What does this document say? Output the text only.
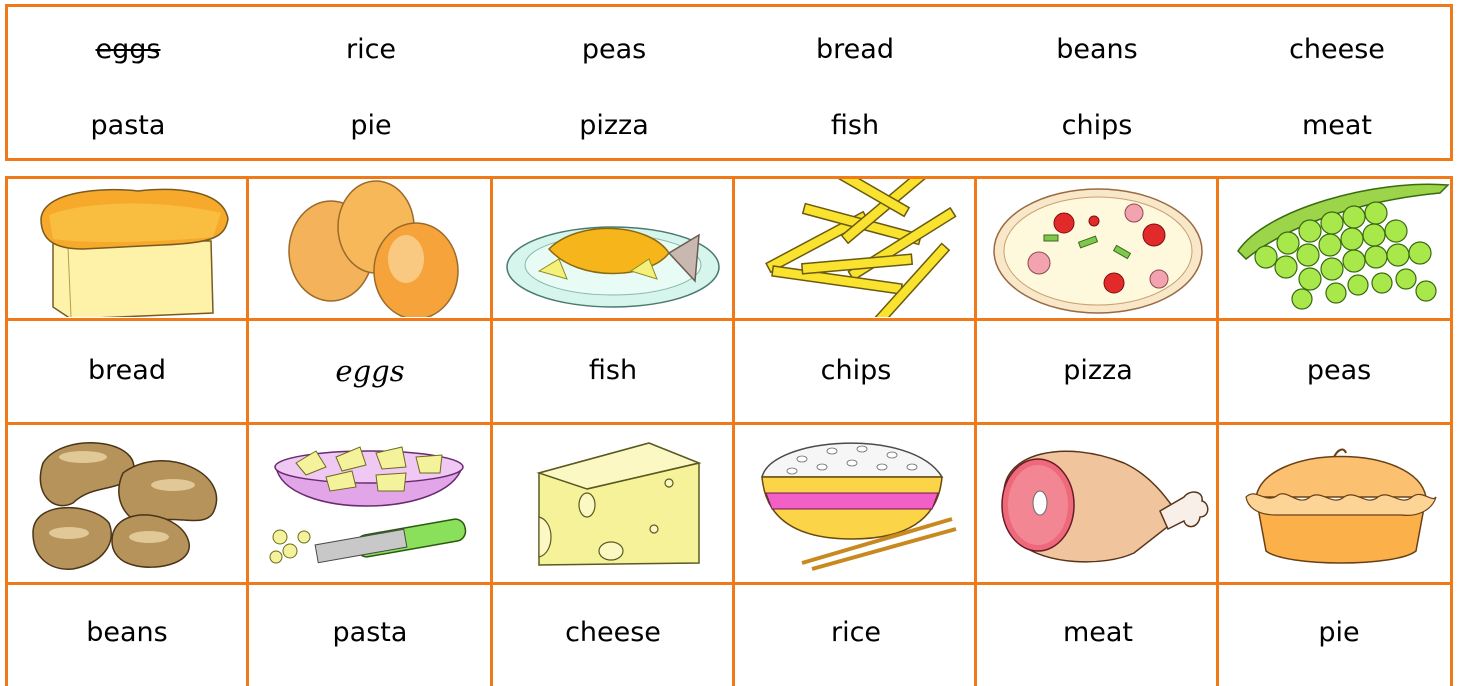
eggs	rice	peas	bread	beans	cheese
pasta	pie	pizza	fish	chips	meat
bread	eggs	fish	chips	pizza	peas
beans	pasta	cheese	rice	meat	pie
